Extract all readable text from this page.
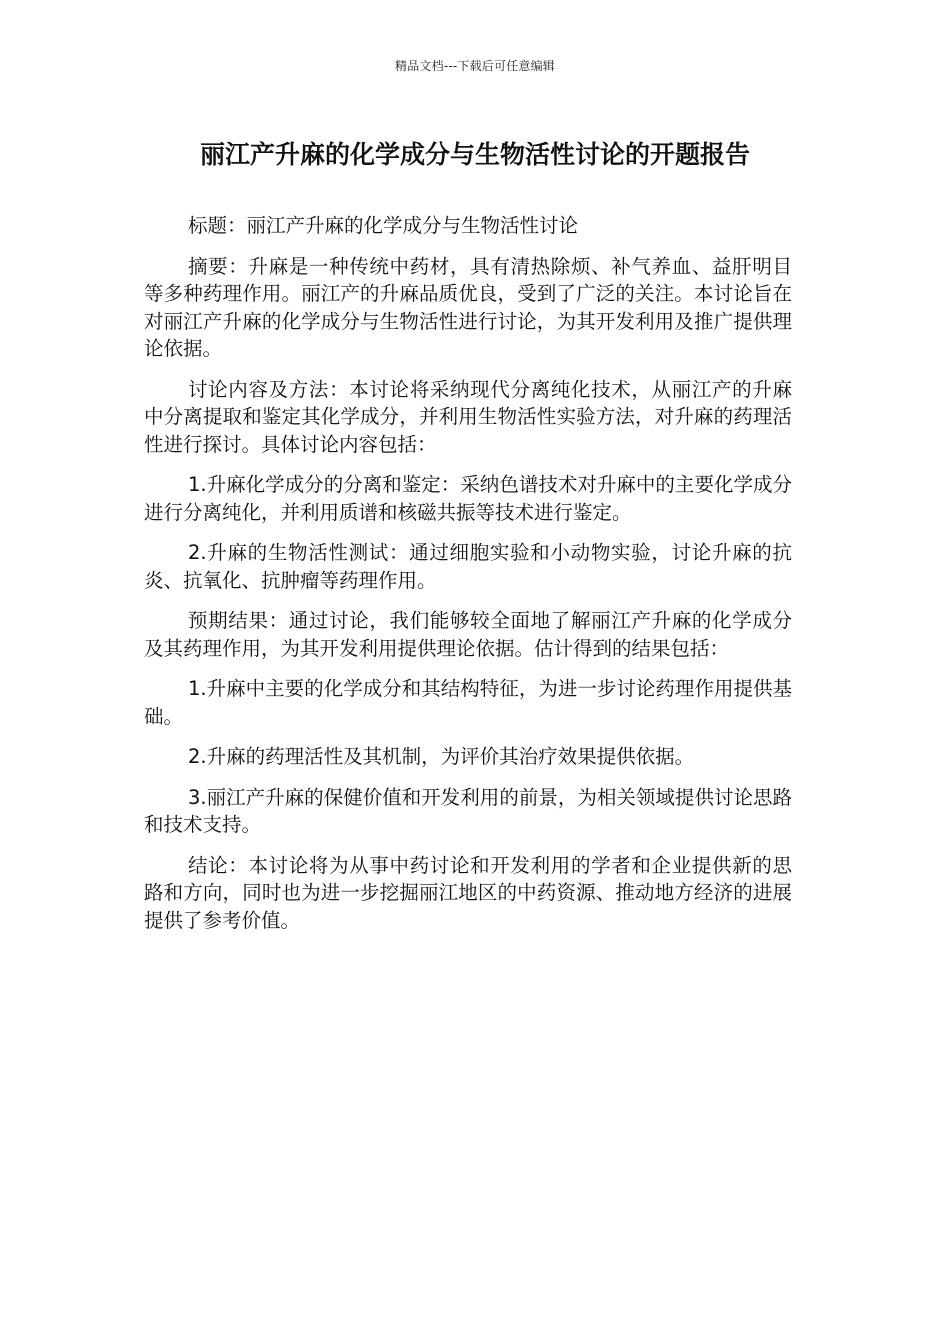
精品文档---下载后可任意编辑
丽江产升麻的化学成分与生物活性讨论的开题报告

标题：丽江产升麻的化学成分与生物活性讨论

摘要：升麻是一种传统中药材，具有清热除烦、补气养血、益肝明目等多种药理作用。丽江产的升麻品质优良，受到了广泛的关注。本讨论旨在对丽江产升麻的化学成分与生物活性进行讨论，为其开发利用及推广提供理论依据。

讨论内容及方法：本讨论将采纳现代分离纯化技术，从丽江产的升麻中分离提取和鉴定其化学成分，并利用生物活性实验方法，对升麻的药理活性进行探讨。具体讨论内容包括：

1.升麻化学成分的分离和鉴定：采纳色谱技术对升麻中的主要化学成分进行分离纯化，并利用质谱和核磁共振等技术进行鉴定。

2.升麻的生物活性测试：通过细胞实验和小动物实验，讨论升麻的抗炎、抗氧化、抗肿瘤等药理作用。

预期结果：通过讨论，我们能够较全面地了解丽江产升麻的化学成分及其药理作用，为其开发利用提供理论依据。估计得到的结果包括：

1.升麻中主要的化学成分和其结构特征，为进一步讨论药理作用提供基础。

2.升麻的药理活性及其机制，为评价其治疗效果提供依据。

3.丽江产升麻的保健价值和开发利用的前景，为相关领域提供讨论思路和技术支持。

结论：本讨论将为从事中药讨论和开发利用的学者和企业提供新的思路和方向，同时也为进一步挖掘丽江地区的中药资源、推动地方经济的进展提供了参考价值。
